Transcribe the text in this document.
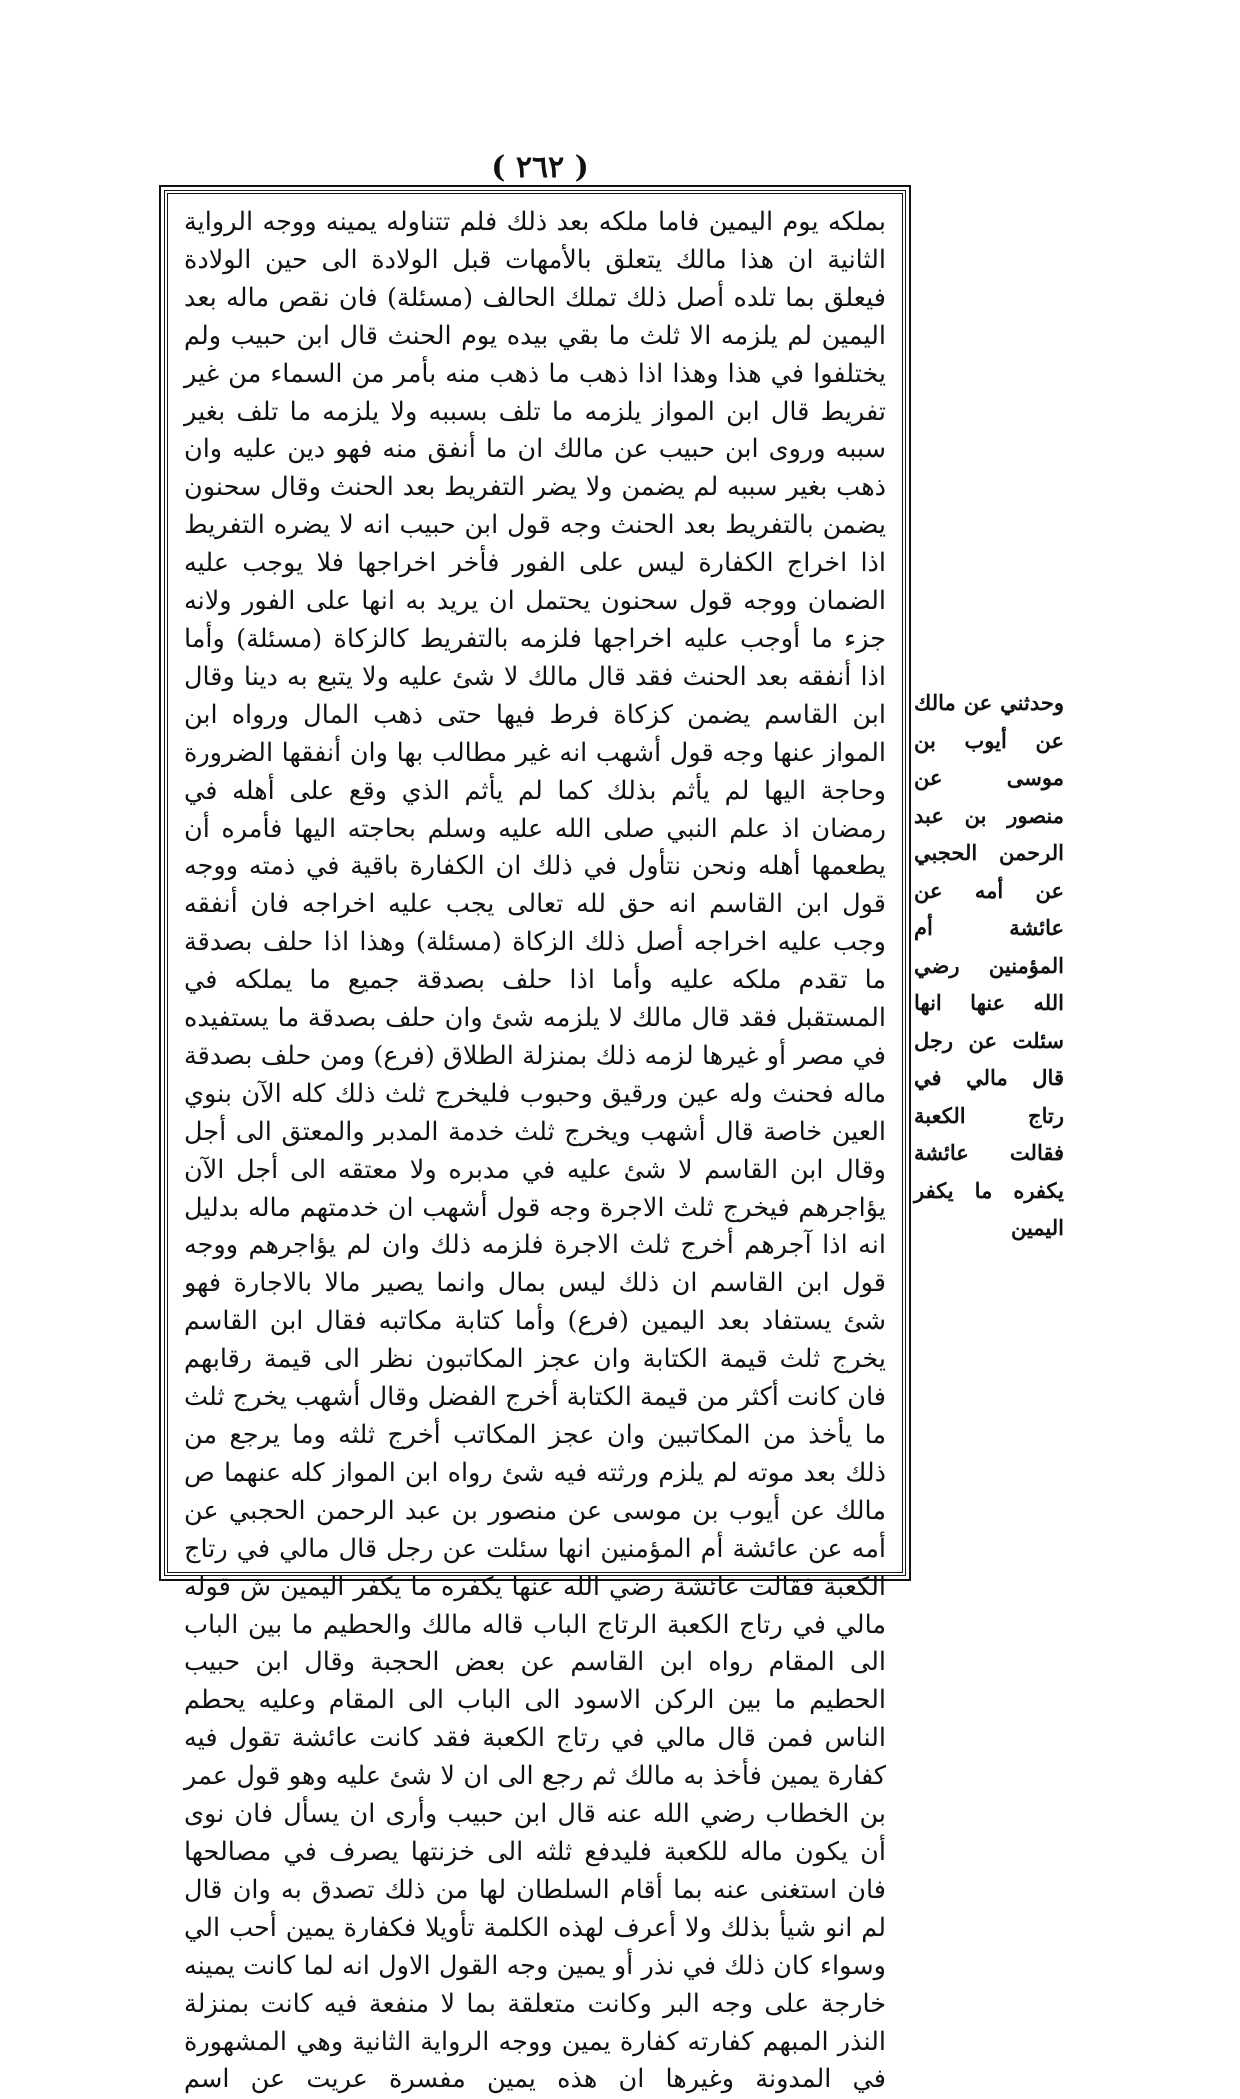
( ٢٦٢ )

بملكه يوم اليمين فاما ملكه بعد ذلك فلم تتناوله يمينه ووجه الرواية الثانية ان هذا مالك يتعلق بالأمهات قبل الولادة الى حين الولادة فيعلق بما تلده أصل ذلك تملك الحالف (مسئلة) فان نقص ماله بعد اليمين لم يلزمه الا ثلث ما بقي بيده يوم الحنث قال ابن حبيب ولم يختلفوا في هذا وهذا اذا ذهب ما ذهب منه بأمر من السماء من غير تفريط قال ابن المواز يلزمه ما تلف بسببه ولا يلزمه ما تلف بغير سببه وروى ابن حبيب عن مالك ان ما أنفق منه فهو دين عليه وان ذهب بغير سببه لم يضمن ولا يضر التفريط بعد الحنث وقال سحنون يضمن بالتفريط بعد الحنث وجه قول ابن حبيب انه لا يضره التفريط اذا اخراج الكفارة ليس على الفور فأخر اخراجها فلا يوجب عليه الضمان ووجه قول سحنون يحتمل ان يريد به انها على الفور ولانه جزء ما أوجب عليه اخراجها فلزمه بالتفريط كالزكاة (مسئلة) وأما اذا أنفقه بعد الحنث فقد قال مالك لا شئ عليه ولا يتبع به دينا وقال ابن القاسم يضمن كزكاة فرط فيها حتى ذهب المال ورواه ابن المواز عنها وجه قول أشهب انه غير مطالب بها وان أنفقها الضرورة وحاجة اليها لم يأثم بذلك كما لم يأثم الذي وقع على أهله في رمضان اذ علم النبي صلى الله عليه وسلم بحاجته اليها فأمره أن يطعمها أهله ونحن نتأول في ذلك ان الكفارة باقية في ذمته ووجه قول ابن القاسم انه حق لله تعالى يجب عليه اخراجه فان أنفقه وجب عليه اخراجه أصل ذلك الزكاة (مسئلة) وهذا اذا حلف بصدقة ما تقدم ملكه عليه وأما اذا حلف بصدقة جميع ما يملكه في المستقبل فقد قال مالك لا يلزمه شئ وان حلف بصدقة ما يستفيده في مصر أو غيرها لزمه ذلك بمنزلة الطلاق (فرع) ومن حلف بصدقة ماله فحنث وله عين ورقيق وحبوب فليخرج ثلث ذلك كله الآن بنوي العين خاصة قال أشهب ويخرج ثلث خدمة المدبر والمعتق الى أجل وقال ابن القاسم لا شئ عليه في مدبره ولا معتقه الى أجل الآن يؤاجرهم فيخرج ثلث الاجرة وجه قول أشهب ان خدمتهم ماله بدليل انه اذا آجرهم أخرج ثلث الاجرة فلزمه ذلك وان لم يؤاجرهم ووجه قول ابن القاسم ان ذلك ليس بمال وانما يصير مالا بالاجارة فهو شئ يستفاد بعد اليمين (فرع) وأما كتابة مكاتبه فقال ابن القاسم يخرج ثلث قيمة الكتابة وان عجز المكاتبون نظر الى قيمة رقابهم فان كانت أكثر من قيمة الكتابة أخرج الفضل وقال أشهب يخرج ثلث ما يأخذ من المكاتبين وان عجز المكاتب أخرج ثلثه وما يرجع من ذلك بعد موته لم يلزم ورثته فيه شئ رواه ابن المواز كله عنهما ص مالك عن أيوب بن موسى عن منصور بن عبد الرحمن الحجبي عن أمه عن عائشة أم المؤمنين انها سئلت عن رجل قال مالي في رتاج الكعبة فقالت عائشة رضي الله عنها يكفره ما يكفر اليمين ش قوله مالي في رتاج الكعبة الرتاج الباب قاله مالك والحطيم ما بين الباب الى المقام رواه ابن القاسم عن بعض الحجبة وقال ابن حبيب الحطيم ما بين الركن الاسود الى الباب الى المقام وعليه يحطم الناس فمن قال مالي في رتاج الكعبة فقد كانت عائشة تقول فيه كفارة يمين فأخذ به مالك ثم رجع الى ان لا شئ عليه وهو قول عمر بن الخطاب رضي الله عنه قال ابن حبيب وأرى ان يسأل فان نوى أن يكون ماله للكعبة فليدفع ثلثه الى خزنتها يصرف في مصالحها فان استغنى عنه بما أقام السلطان لها من ذلك تصدق به وان قال لم انو شيأ بذلك ولا أعرف لهذه الكلمة تأويلا فكفارة يمين أحب الي وسواء كان ذلك في نذر أو يمين وجه القول الاول انه لما كانت يمينه خارجة على وجه البر وكانت متعلقة بما لا منفعة فيه كانت بمنزلة النذر المبهم كفارته كفارة يمين ووجه الرواية الثانية وهي المشهورة في المدونة وغيرها ان هذه يمين مفسرة عريت عن اسم

وحدثني عن مالك عن أيوب بن موسى عن منصور بن عبد الرحمن الحجبي عن أمه عن عائشة أم المؤمنين رضي الله عنها انها سئلت عن رجل قال مالي في رتاج الكعبة فقالت عائشة يكفره ما يكفر اليمين
